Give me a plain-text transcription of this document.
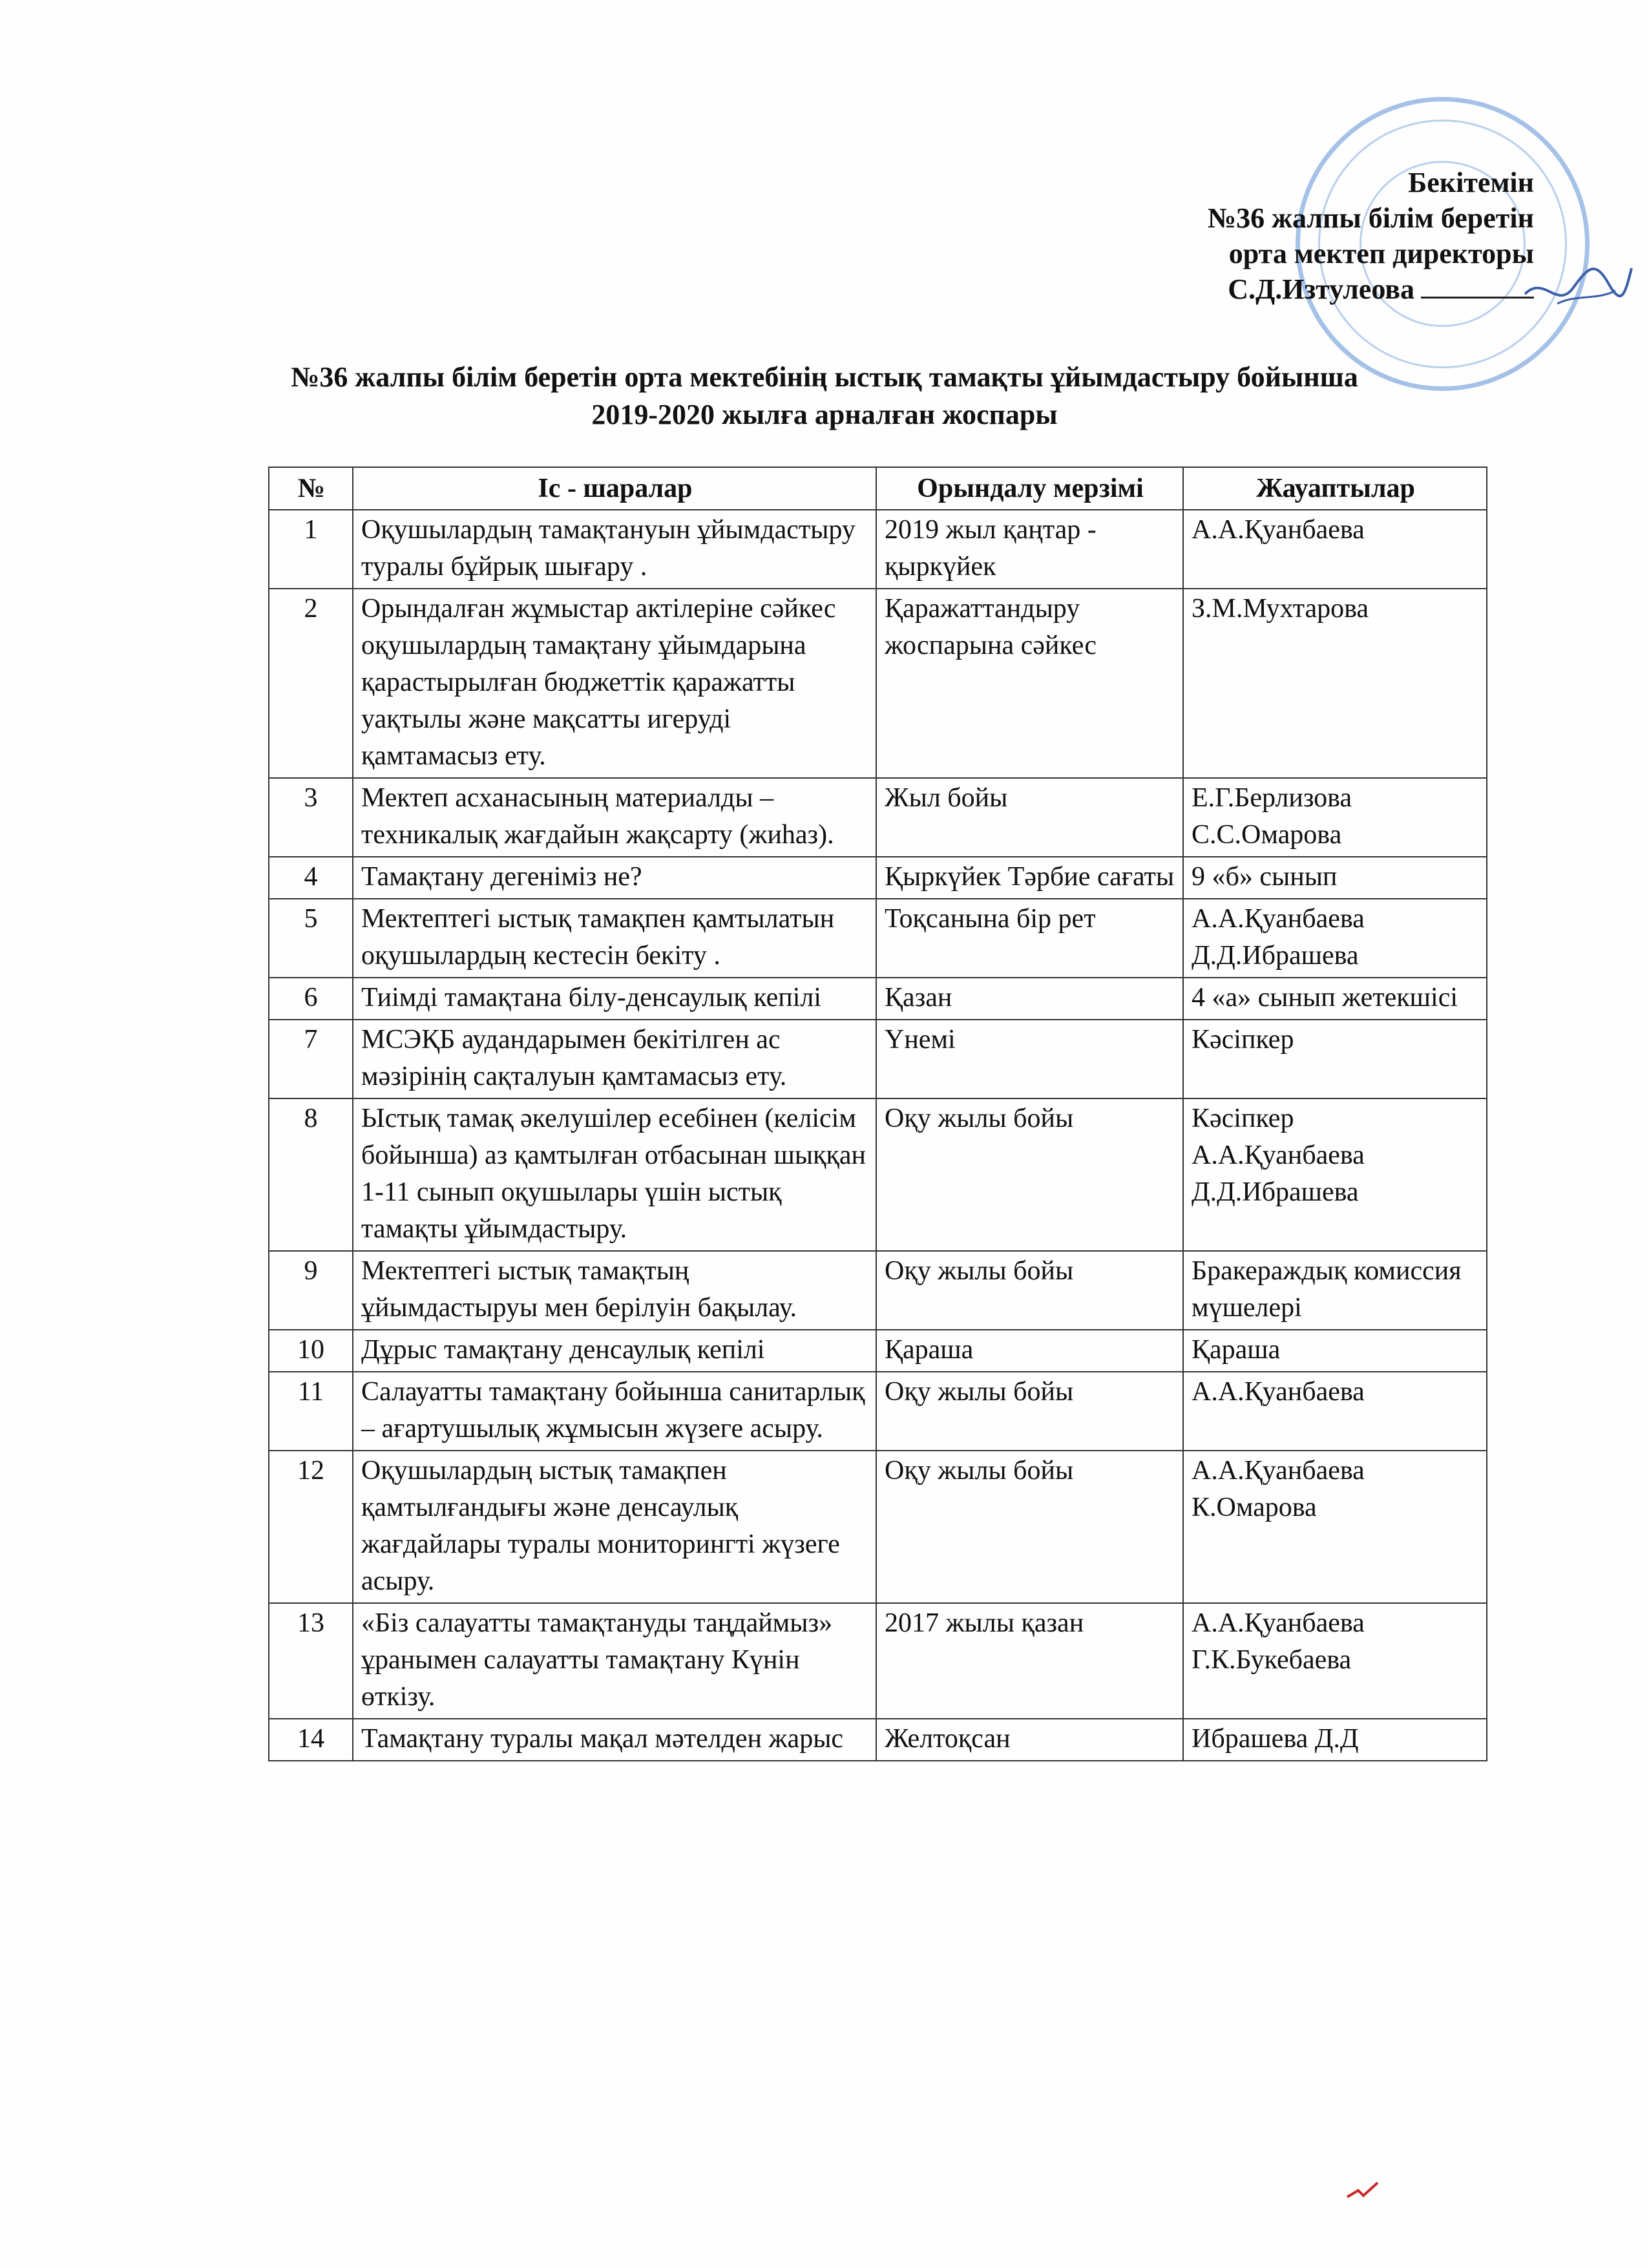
Бекітемін
№36 жалпы білім беретін
орта мектеп директоры
С.Д.Изтулеова
№36 жалпы білім беретін орта мектебінің ыстық тамақты ұйымдастыру бойынша
2019-2020 жылға арналған жоспары
№	Іс - шаралар	Орындалу мерзімі	Жауаптылар
1	Оқушылардың тамақтануын ұйымдастыру туралы бұйрық шығару .	2019 жыл қаңтар - қыркүйек	А.А.Қуанбаева

2	Орындалған жұмыстар актілеріне сәйкес оқушылардың тамақтану ұйымдарына қарастырылған бюджеттік қаражатты уақтылы және мақсатты игеруді қамтамасыз ету.	Қаражаттандыру жоспарына сәйкес	З.М.Мухтарова

3	Мектеп асханасының материалды – техникалық жағдайын жақсарту (жиһаз).	Жыл бойы	Е.Г.Берлизова
С.С.Омарова

4	Тамақтану дегеніміз не?	Қыркүйек Тәрбие сағаты	9 «б» сынып

5	Мектептегі ыстық тамақпен қамтылатын оқушылардың кестесін бекіту .	Тоқсанына бір рет	А.А.Қуанбаева
Д.Д.Ибрашева

6	Тиімді тамақтана білу-денсаулық кепілі	Қазан	4 «а» сынып жетекшісі

7	МСЭҚБ аудандарымен бекітілген ас мәзірінің сақталуын қамтамасыз ету.	Үнемі	Кәсіпкер

8	Ыстық тамақ әкелушілер есебінен (келісім бойынша) аз қамтылған отбасынан шыққан 1-11 сынып оқушылары үшін ыстық тамақты ұйымдастыру.	Оқу жылы бойы	Кәсіпкер
А.А.Қуанбаева
Д.Д.Ибрашева

9	Мектептегі ыстық тамақтың ұйымдастыруы мен берілуін бақылау.	Оқу жылы бойы	Бракераждық комиссия мүшелері

10	Дұрыс тамақтану денсаулық кепілі	Қараша	Қараша

11	Салауатты тамақтану бойынша санитарлық – ағартушылық жұмысын жүзеге асыру.	Оқу жылы бойы	А.А.Қуанбаева

12	Оқушылардың ыстық тамақпен қамтылғандығы және денсаулық жағдайлары туралы мониторингті жүзеге асыру.	Оқу жылы бойы	А.А.Қуанбаева
К.Омарова

13	«Біз салауатты тамақтануды таңдаймыз» ұранымен салауатты тамақтану Күнін өткізу.	2017 жылы қазан	А.А.Қуанбаева
Г.К.Букебаева

14	Тамақтану туралы мақал мәтелден жарыс	Желтоқсан	Ибрашева Д.Д
